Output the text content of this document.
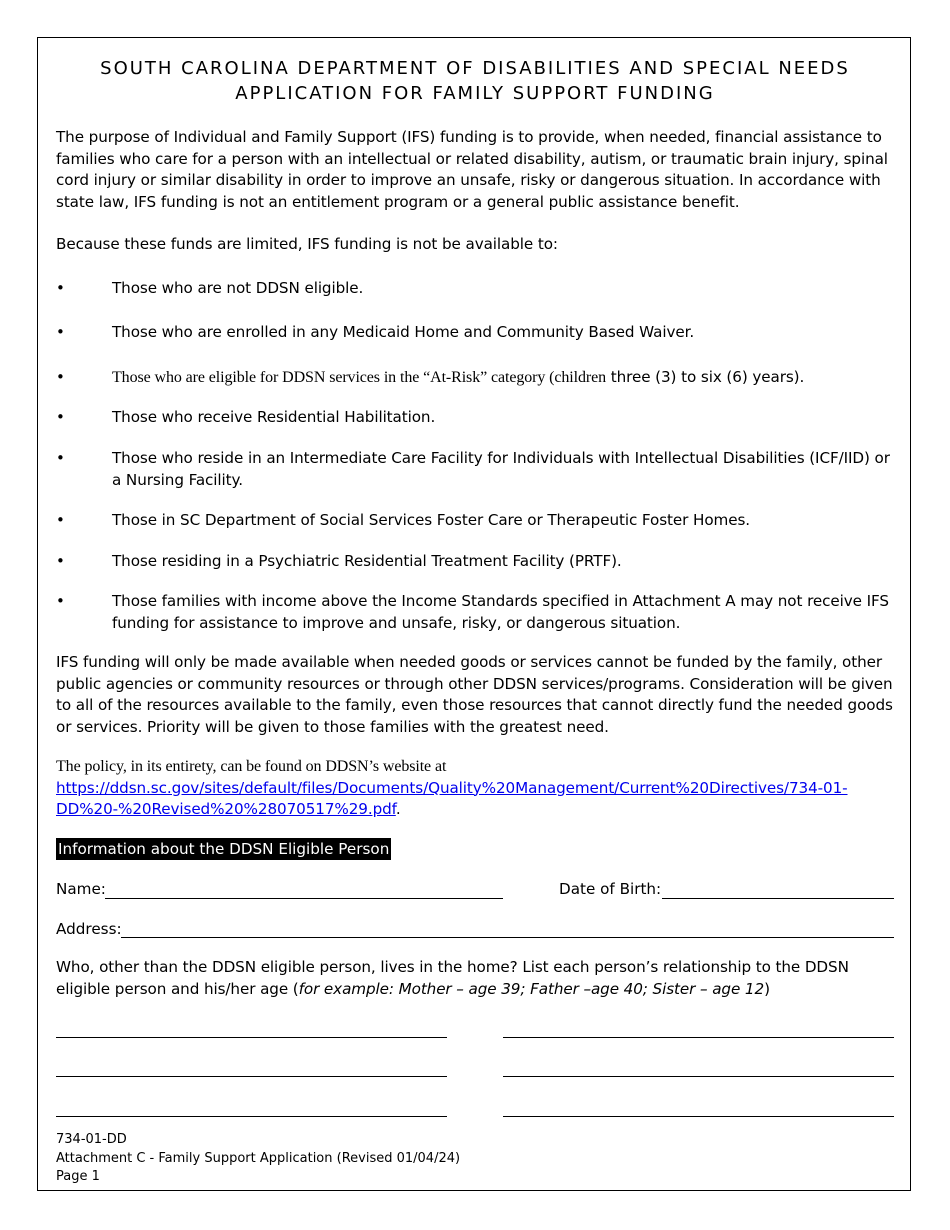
SOUTH CAROLINA DEPARTMENT OF DISABILITIES AND SPECIAL NEEDS
APPLICATION FOR FAMILY SUPPORT FUNDING
The purpose of Individual and Family Support (IFS) funding is to provide, when needed, financial assistance to families who care for a person with an intellectual or related disability, autism, or traumatic brain injury, spinal cord injury or similar disability in order to improve an unsafe, risky or dangerous situation. In accordance with state law, IFS funding is not an entitlement program or a general public assistance benefit.
Because these funds are limited, IFS funding is not be available to:
•	Those who are not DDSN eligible.
•	Those who are enrolled in any Medicaid Home and Community Based Waiver.
•	Those who are eligible for DDSN services in the “At-Risk” category (children three (3) to six (6) years).
•	Those who receive Residential Habilitation.
•	Those who reside in an Intermediate Care Facility for Individuals with Intellectual Disabilities (ICF/IID) or a Nursing Facility.
•	Those in SC Department of Social Services Foster Care or Therapeutic Foster Homes.
•	Those residing in a Psychiatric Residential Treatment Facility (PRTF).
•	Those families with income above the Income Standards specified in Attachment A may not receive IFS funding for assistance to improve and unsafe, risky, or dangerous situation.
IFS funding will only be made available when needed goods or services cannot be funded by the family, other public agencies or community resources or through other DDSN services/programs. Consideration will be given to all of the resources available to the family, even those resources that cannot directly fund the needed goods or services. Priority will be given to those families with the greatest need.
The policy, in its entirety, can be found on DDSN’s website at
https://ddsn.sc.gov/sites/default/files/Documents/Quality%20Management/Current%20Directives/734-01-
DD%20-%20Revised%20%28070517%29.pdf.
Information about the DDSN Eligible Person
Name:	Date of Birth:
Address:
Who, other than the DDSN eligible person, lives in the home? List each person’s relationship to the DDSN
eligible person and his/her age (for example: Mother – age 39; Father –age 40; Sister – age 12)
734-01-DD
Attachment C - Family Support Application (Revised 01/04/24)
Page 1
